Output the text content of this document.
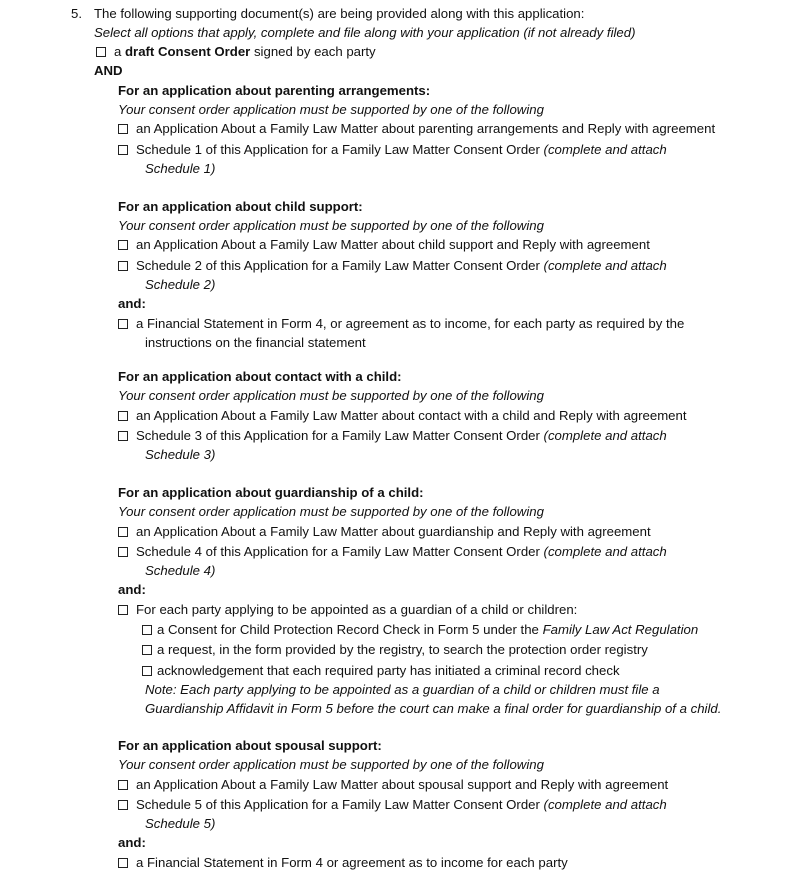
5. The following supporting document(s) are being provided along with this application:
Select all options that apply, complete and file along with your application (if not already filed)
a draft Consent Order signed by each party
AND
For an application about parenting arrangements:
Your consent order application must be supported by one of the following
an Application About a Family Law Matter about parenting arrangements and Reply with agreement
Schedule 1 of this Application for a Family Law Matter Consent Order (complete and attach
Schedule 1)
For an application about child support:
Your consent order application must be supported by one of the following
an Application About a Family Law Matter about child support and Reply with agreement
Schedule 2 of this Application for a Family Law Matter Consent Order (complete and attach
Schedule 2)
and:
a Financial Statement in Form 4, or agreement as to income, for each party as required by the
instructions on the financial statement
For an application about contact with a child:
Your consent order application must be supported by one of the following
an Application About a Family Law Matter about contact with a child and Reply with agreement
Schedule 3 of this Application for a Family Law Matter Consent Order (complete and attach
Schedule 3)
For an application about guardianship of a child:
Your consent order application must be supported by one of the following
an Application About a Family Law Matter about guardianship and Reply with agreement
Schedule 4 of this Application for a Family Law Matter Consent Order (complete and attach
Schedule 4)
and:
For each party applying to be appointed as a guardian of a child or children:
a Consent for Child Protection Record Check in Form 5 under the Family Law Act Regulation
a request, in the form provided by the registry, to search the protection order registry
acknowledgement that each required party has initiated a criminal record check
Note: Each party applying to be appointed as a guardian of a child or children must file a
Guardianship Affidavit in Form 5 before the court can make a final order for guardianship of a child.
For an application about spousal support:
Your consent order application must be supported by one of the following
an Application About a Family Law Matter about spousal support and Reply with agreement
Schedule 5 of this Application for a Family Law Matter Consent Order (complete and attach
Schedule 5)
and:
a Financial Statement in Form 4 or agreement as to income for each party
